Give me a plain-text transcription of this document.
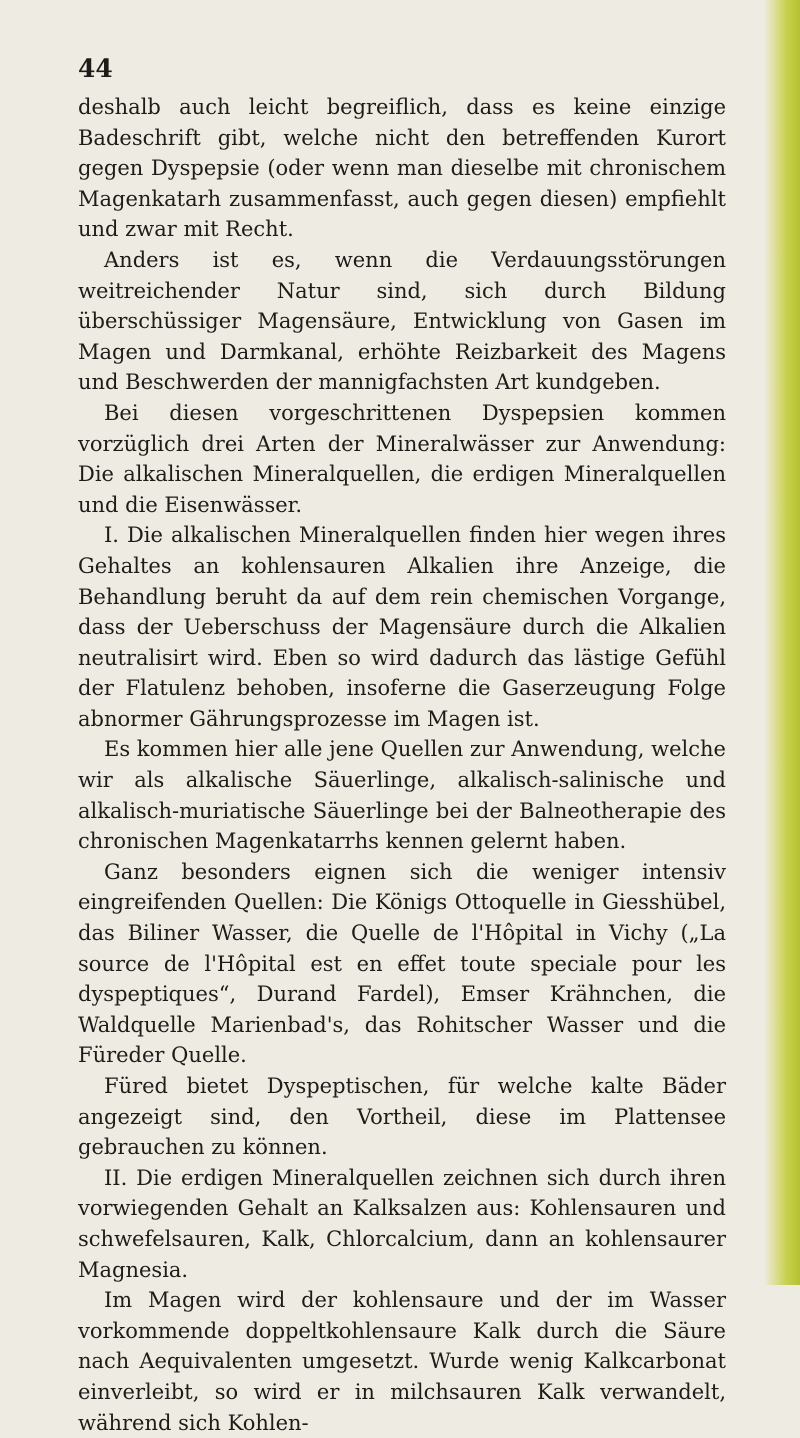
44

deshalb auch leicht begreiflich, dass es keine einzige Badeschrift gibt, welche nicht den betreffenden Kurort gegen Dyspepsie (oder wenn man dieselbe mit chronischem Magenkatarh zusammenfasst, auch gegen diesen) empfiehlt und zwar mit Recht.

Anders ist es, wenn die Verdauungsstörungen weitreichender Natur sind, sich durch Bildung überschüssiger Magensäure, Entwicklung von Gasen im Magen und Darmkanal, erhöhte Reizbarkeit des Magens und Beschwerden der mannigfachsten Art kundgeben.

Bei diesen vorgeschrittenen Dyspepsien kommen vorzüglich drei Arten der Mineralwässer zur Anwendung: Die alkalischen Mineralquellen, die erdigen Mineralquellen und die Eisenwässer.

I. Die alkalischen Mineralquellen finden hier wegen ihres Gehaltes an kohlensauren Alkalien ihre Anzeige, die Behandlung beruht da auf dem rein chemischen Vorgange, dass der Ueberschuss der Magensäure durch die Alkalien neutralisirt wird. Eben so wird dadurch das lästige Gefühl der Flatulenz behoben, insoferne die Gaserzeugung Folge abnormer Gährungsprozesse im Magen ist.

Es kommen hier alle jene Quellen zur Anwendung, welche wir als alkalische Säuerlinge, alkalisch-salinische und alkalisch-muriatische Säuerlinge bei der Balneotherapie des chronischen Magenkatarrhs kennen gelernt haben.

Ganz besonders eignen sich die weniger intensiv eingreifenden Quellen: Die Königs Ottoquelle in Giesshübel, das Biliner Wasser, die Quelle de l'Hôpital in Vichy („La source de l'Hôpital est en effet toute speciale pour les dyspeptiques“, Durand Fardel), Emser Krähnchen, die Waldquelle Marienbad's, das Rohitscher Wasser und die Füreder Quelle.

Füred bietet Dyspeptischen, für welche kalte Bäder angezeigt sind, den Vortheil, diese im Plattensee gebrauchen zu können.

II. Die erdigen Mineralquellen zeichnen sich durch ihren vorwiegenden Gehalt an Kalksalzen aus: Kohlensauren und schwefelsauren, Kalk, Chlorcalcium, dann an kohlensaurer Magnesia.

Im Magen wird der kohlensaure und der im Wasser vorkommende doppeltkohlensaure Kalk durch die Säure nach Aequivalenten umgesetzt. Wurde wenig Kalkcarbonat einverleibt, so wird er in milchsauren Kalk verwandelt, während sich Kohlen-
